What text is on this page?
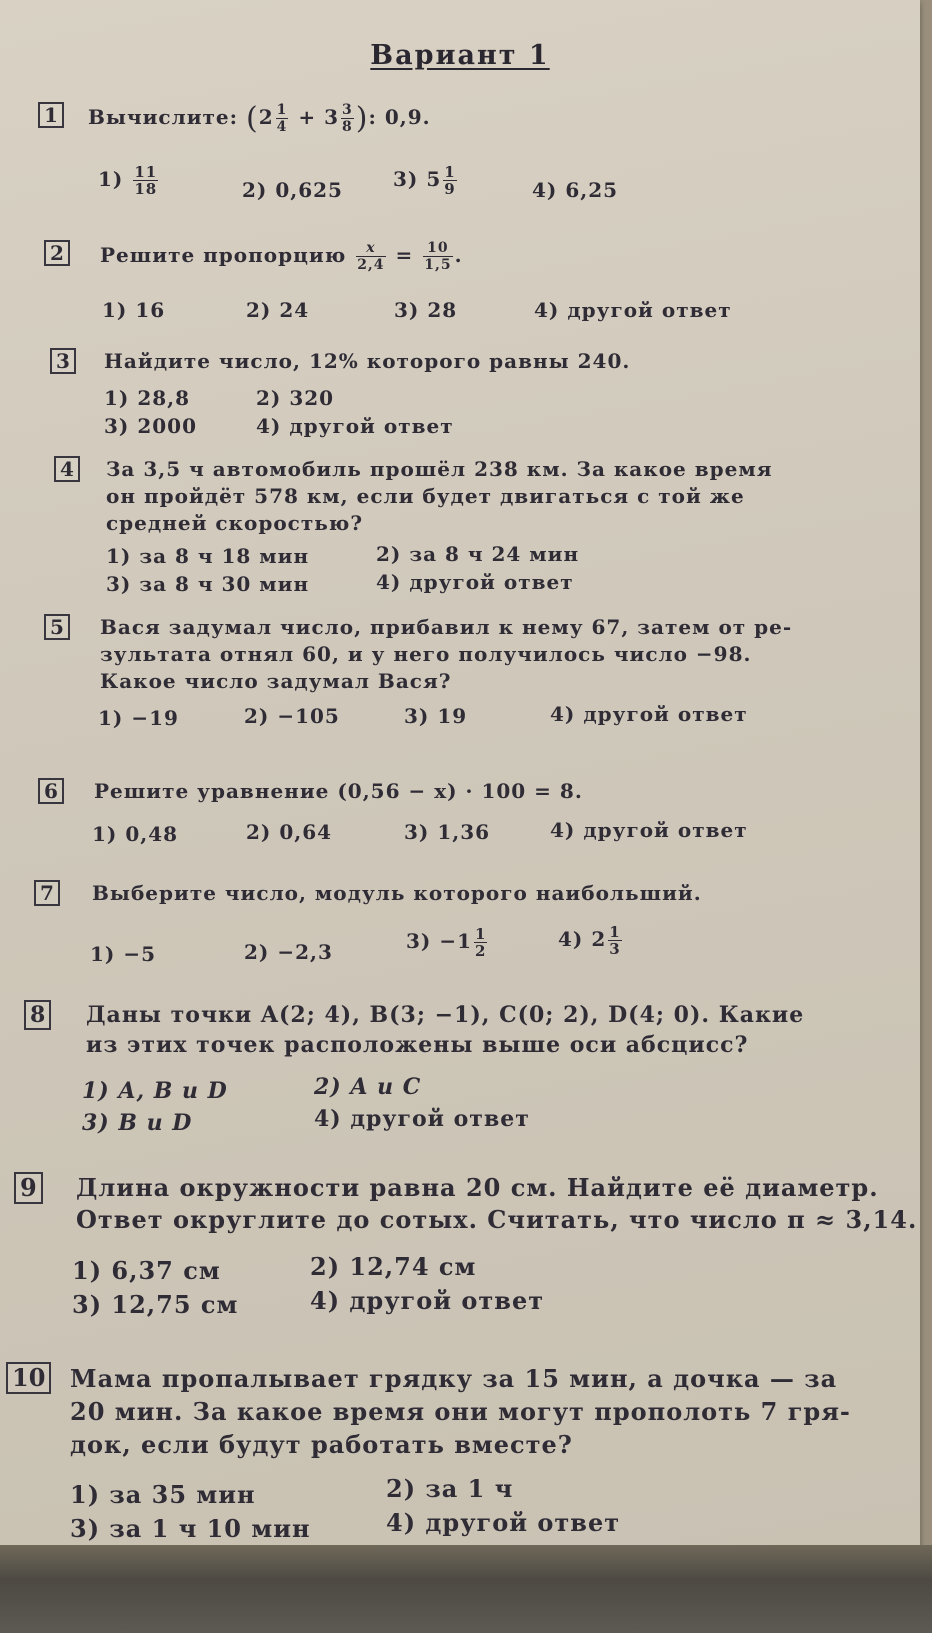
Вариант 1
1	Вычислите: ($2 \frac{1}{4} + 3 \frac{3}{8}$ ): 0,9.
$1) \frac{11}{18}$	2) 0,625	3) $5 \frac{1}{9}$	4) 6,25
2	Решите пропорцию $\frac{x}{2,4} = \frac{10}{1,5}$ .
1) 16	2) 24	3) 28	4) другой ответ
3	Найдите число, 12% которого равны 240.
1) 28,8	2) 320
3) 2000	4) другой ответ
4	За 3,5 ч автомобиль прошёл 238 км. За какое время
он пройдёт 578 км, если будет двигаться с той же
средней скоростью?
1) за 8 ч 18 мин	2) за 8 ч 24 мин
3) за 8 ч 30 мин	4) другой ответ
5	Вася задумал число, прибавил к нему 67, затем от ре-
зультата отнял 60, и у него получилось число −98.
Какое число задумал Вася?
1) −19	2) −105	3) 19	4) другой ответ
6	Решите уравнение (0,56 − x) · 100 = 8.
1) 0,48	2) 0,64	3) 1,36	4) другой ответ
7	Выберите число, модуль которого наибольший.
1) −5	2) −2,3	$3) -1 \frac{1}{2}$	4) $2 \frac{1}{3}$
8 Даны точки A(2; 4), B(3; −1), C(0; 2), D(4; 0). Какие
из этих точек расположены выше оси абсцисс?
1) A, B и D	2) A и C
3) B и D	4) другой ответ
9 Длина окружности равна 20 см. Найдите её диаметр.
Ответ округлите до сотых. Считать, что число π ≈ 3,14.
1) 6,37 см	2) 12,74 см
3) 12,75 см	4) другой ответ
10 Мама пропалывает грядку за 15 мин, а дочка — за
20 мин. За какое время они могут прополоть 7 гря-
док, если будут работать вместе?
1) за 35 мин	2) за 1 ч
3) за 1 ч 10 мин	4) другой ответ
